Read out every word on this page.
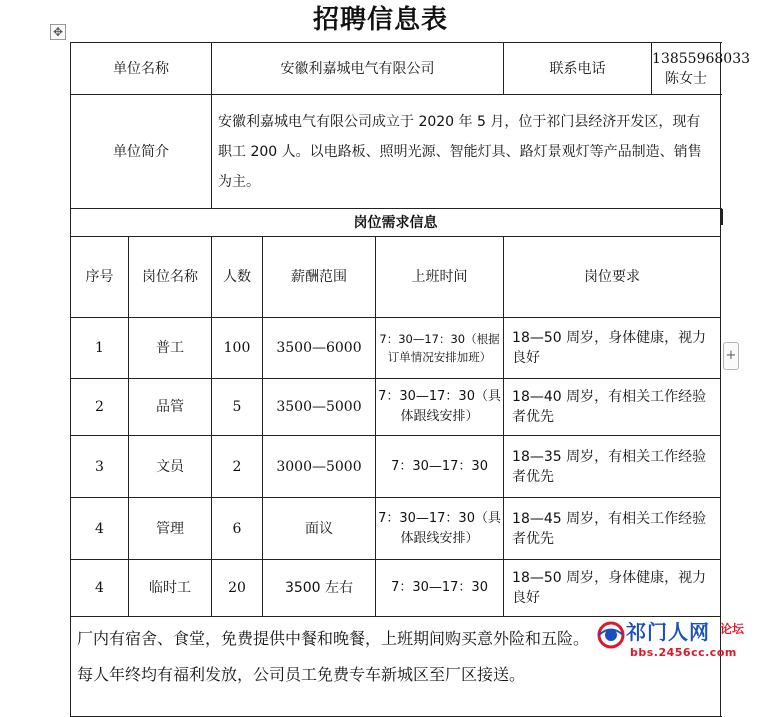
招聘信息表
✥
+
单位名称		安徽利嘉城电气有限公司			联系电话	13855968033 陈女士	
单位简介		安徽利嘉城电气有限公司成立于 2020 年 5 月，位于祁门县经济开发区，现有职工 200 人。以电路板、照明光源、智能灯具、路灯景观灯等产品制造、销售为主。					
岗位需求信息							
序号	岗位名称	人数	薪酬范围	上班时间	岗位要求	
1	普工	100	3500—6000	7：30—17：30（根据订单情况安排加班）	18—50 周岁，身体健康，视力良好	
2	品管	5	3500—5000	7：30—17：30（具体跟线安排）	18—40 周岁，有相关工作经验者优先	
3	文员	2	3000—5000	7：30—17：30	18—35 周岁，有相关工作经验者优先	
4	管理	6	面议	7：30—17：30（具体跟线安排）	18—45 周岁，有相关工作经验者优先	
4	临时工	20	3500 左右	7：30—17：30	18—50 周岁，身体健康，视力良好	

厂内有宿舍、食堂，免费提供中餐和晚餐，上班期间购买意外险和五险。
每人年终均有福利发放，公司员工免费专车新城区至厂区接送。							
祁门人网 论坛
bbs.2456cc.com
